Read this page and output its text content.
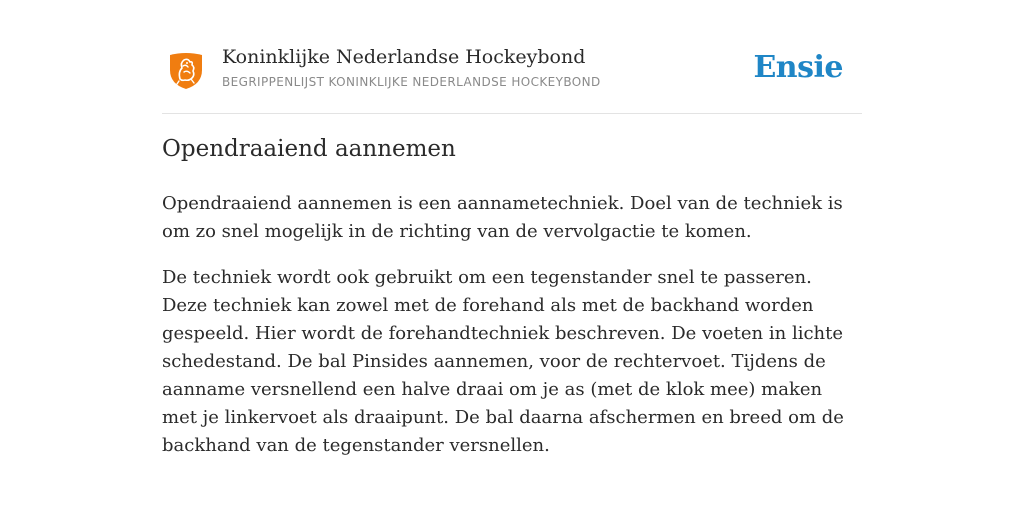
Koninklijke Nederlandse Hockeybond
BEGRIPPENLIJST KONINKLIJKE NEDERLANDSE HOCKEYBOND	Ensie
Opendraaiend aannemen

Opendraaiend aannemen is een aannametechniek. Doel van de techniek is om zo snel mogelijk in de richting van de vervolgactie te komen.

De techniek wordt ook gebruikt om een tegenstander snel te passeren. Deze techniek kan zowel met de forehand als met de backhand worden gespeeld. Hier wordt de forehandtechniek beschreven. De voeten in lichte schedestand. De bal Pinsides aannemen, voor de rechtervoet. Tijdens de aanname versnellend een halve draai om je as (met de klok mee) maken met je linkervoet als draaipunt. De bal daarna afschermen en breed om de backhand van de tegenstander versnellen.
